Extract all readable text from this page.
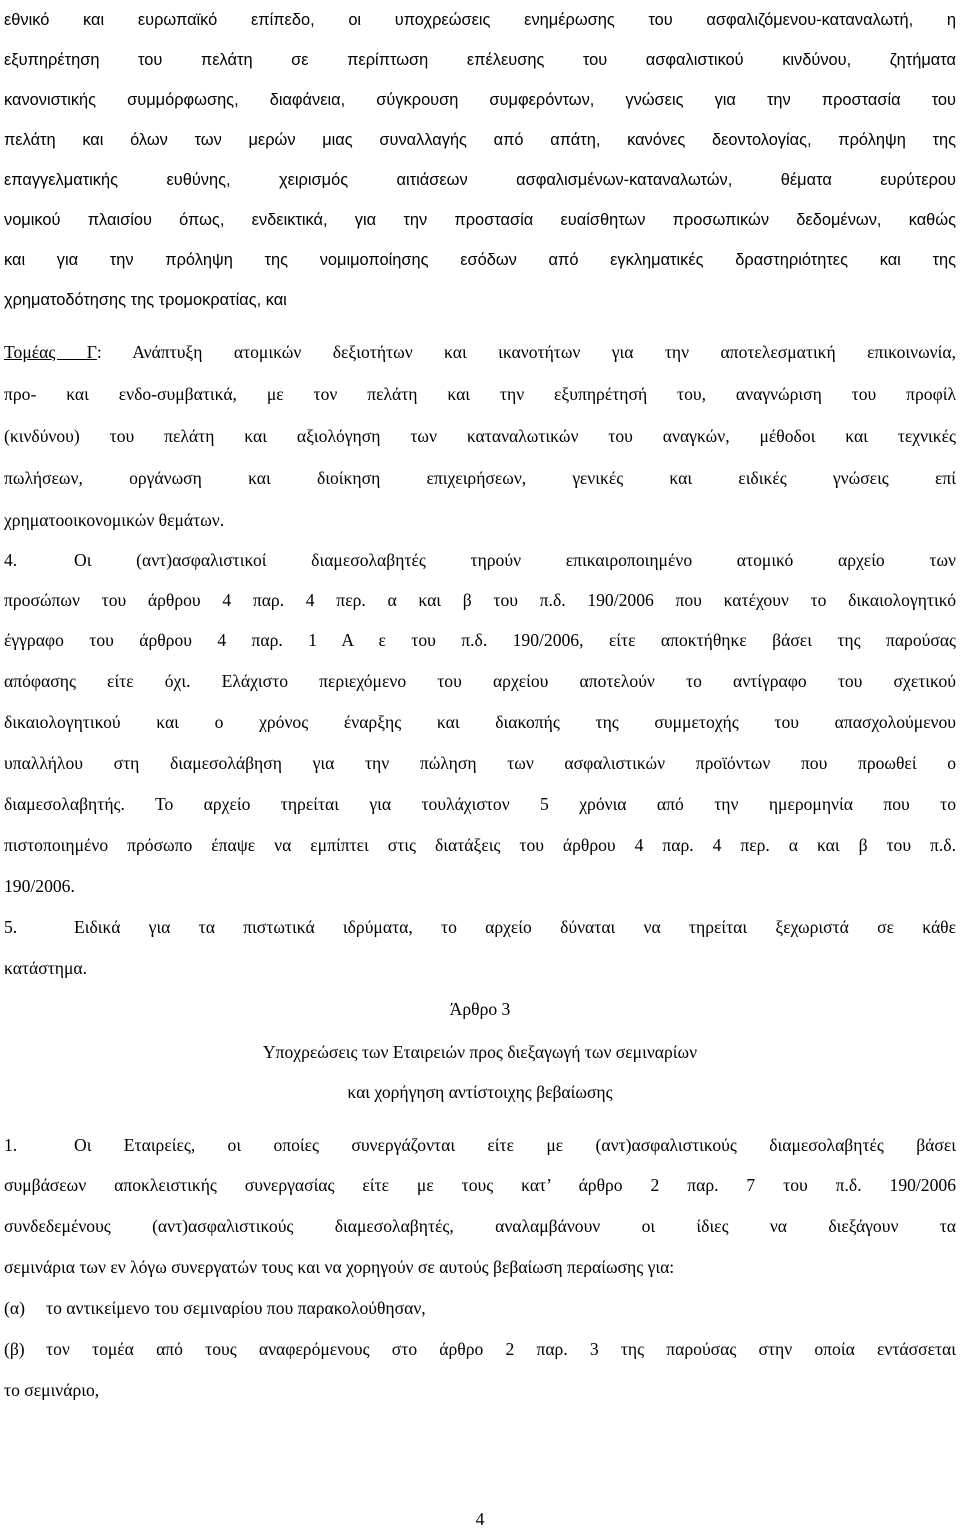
εθνικό και ευρωπαϊκό επίπεδο, οι υποχρεώσεις ενημέρωσης του ασφαλιζόμενου-καταναλωτή, η
εξυπηρέτηση του πελάτη σε περίπτωση επέλευσης του ασφαλιστικού κινδύνου, ζητήματα
κανονιστικής συμμόρφωσης, διαφάνεια, σύγκρουση συμφερόντων, γνώσεις για την προστασία του
πελάτη και όλων των μερών μιας συναλλαγής από απάτη, κανόνες δεοντολογίας, πρόληψη της
επαγγελματικής ευθύνης, χειρισμός αιτιάσεων ασφαλισμένων-καταναλωτών, θέματα ευρύτερου
νομικού πλαισίου όπως, ενδεικτικά, για την προστασία ευαίσθητων προσωπικών δεδομένων, καθώς
και για την πρόληψη της νομιμοποίησης εσόδων από εγκληματικές δραστηριότητες και της
χρηματοδότησης της τρομοκρατίας, και
Τομέας Γ: Ανάπτυξη ατομικών δεξιοτήτων και ικανοτήτων για την αποτελεσματική επικοινωνία,
προ- και ενδο-συμβατικά, με τον πελάτη και την εξυπηρέτησή του, αναγνώριση του προφίλ
(κινδύνου) του πελάτη και αξιολόγηση των καταναλωτικών του αναγκών, μέθοδοι και τεχνικές
πωλήσεων, οργάνωση και διοίκηση επιχειρήσεων, γενικές και ειδικές γνώσεις επί
χρηματοοικονομικών θεμάτων.
4.	Οι (αντ)ασφαλιστικοί διαμεσολαβητές τηρούν επικαιροποιημένο ατομικό αρχείο των
προσώπων του άρθρου 4 παρ. 4 περ. α και β του π.δ. 190/2006 που κατέχουν το δικαιολογητικό
έγγραφο του άρθρου 4 παρ. 1 Α ε του π.δ. 190/2006, είτε αποκτήθηκε βάσει της παρούσας
απόφασης είτε όχι. Ελάχιστο περιεχόμενο του αρχείου αποτελούν το αντίγραφο του σχετικού
δικαιολογητικού και ο χρόνος έναρξης και διακοπής της συμμετοχής του απασχολούμενου
υπαλλήλου στη διαμεσολάβηση για την πώληση των ασφαλιστικών προϊόντων που προωθεί ο
διαμεσολαβητής. Το αρχείο τηρείται για τουλάχιστον 5 χρόνια από την ημερομηνία που το
πιστοποιημένο πρόσωπο έπαψε να εμπίπτει στις διατάξεις του άρθρου 4 παρ. 4 περ. α και β του π.δ.
190/2006.
5.	Ειδικά για τα πιστωτικά ιδρύματα, το αρχείο δύναται να τηρείται ξεχωριστά σε κάθε
κατάστημα.
Άρθρο 3
Υποχρεώσεις των Εταιρειών προς διεξαγωγή των σεμιναρίων
και χορήγηση αντίστοιχης βεβαίωσης
1.	Οι Εταιρείες, οι οποίες συνεργάζονται είτε με (αντ)ασφαλιστικούς διαμεσολαβητές βάσει
συμβάσεων αποκλειστικής συνεργασίας είτε με τους κατ’ άρθρο 2 παρ. 7 του π.δ. 190/2006
συνδεδεμένους (αντ)ασφαλιστικούς διαμεσολαβητές, αναλαμβάνουν οι ίδιες να διεξάγουν τα
σεμινάρια των εν λόγω συνεργατών τους και να χορηγούν σε αυτούς βεβαίωση περαίωσης για:
(α) το αντικείμενο του σεμιναρίου που παρακολούθησαν,
(β) τον τομέα από τους αναφερόμενους στο άρθρο 2 παρ. 3 της παρούσας στην οποία εντάσσεται
το σεμινάριο,
4
